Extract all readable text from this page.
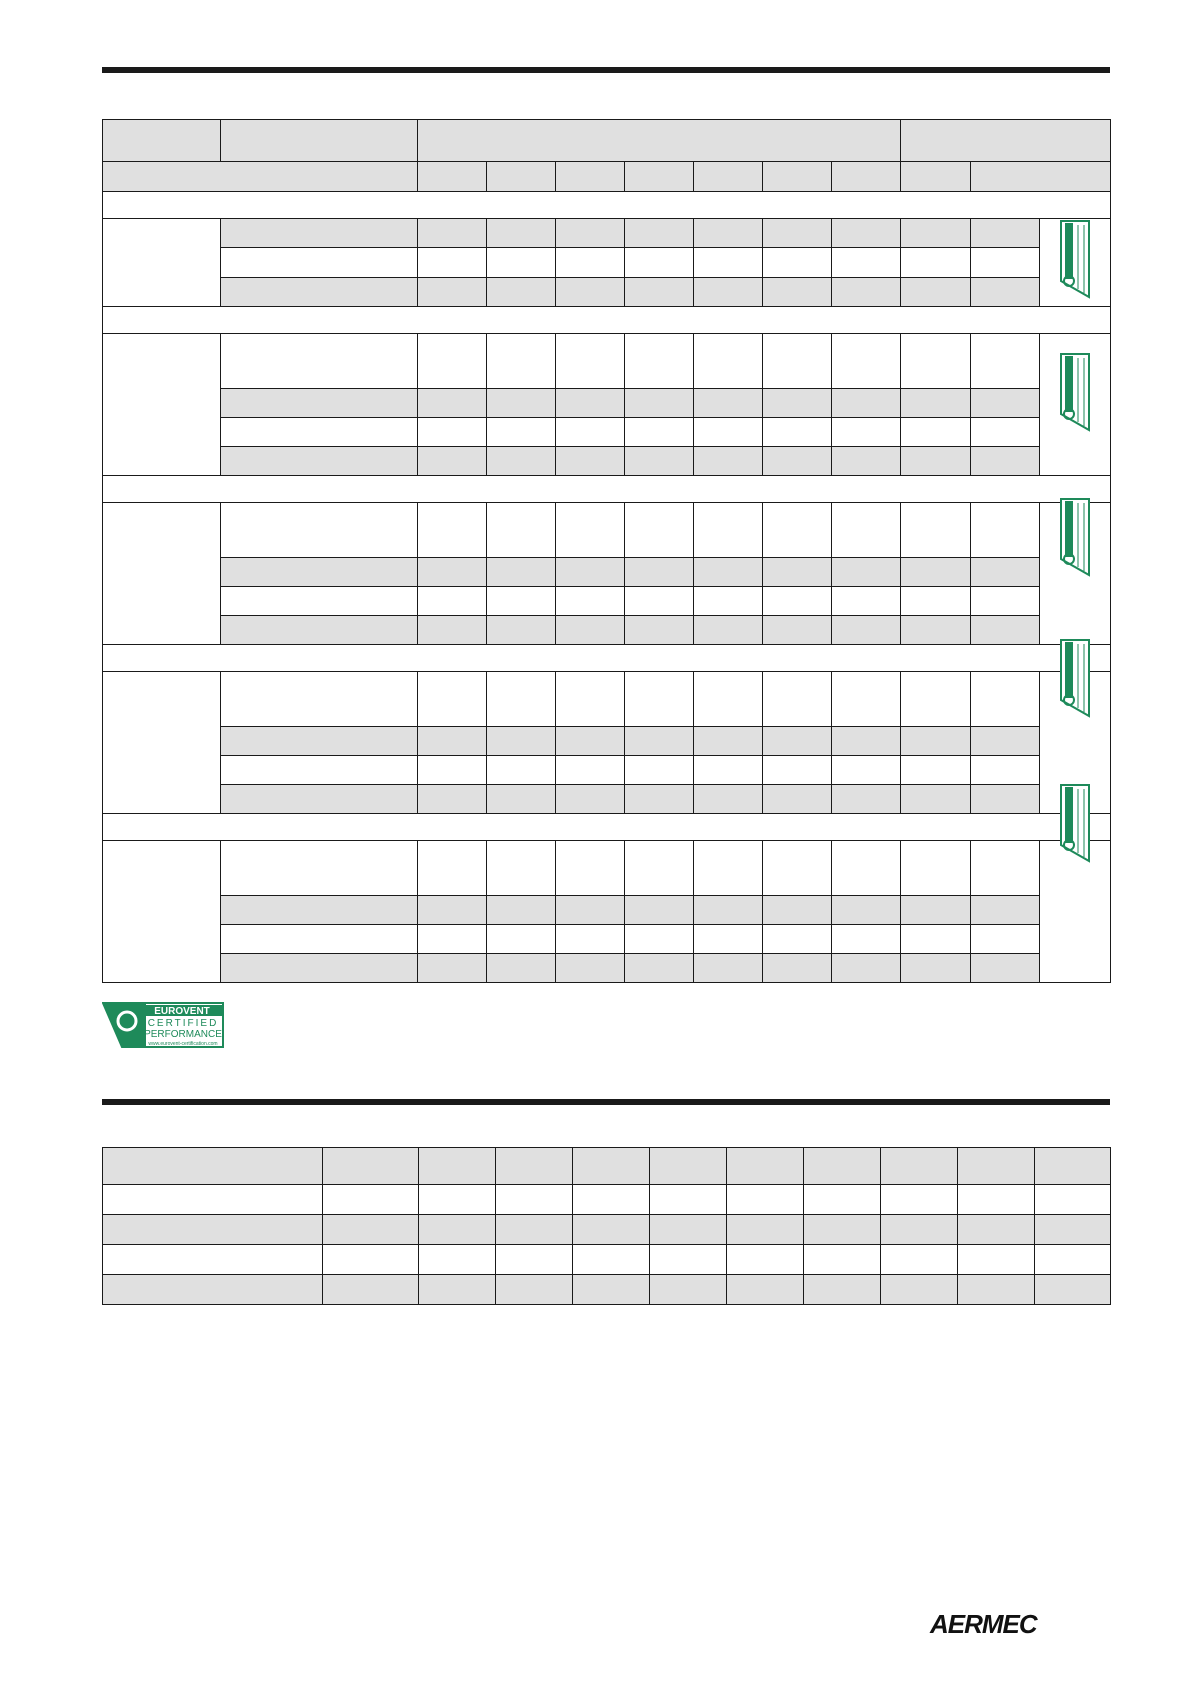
EUROVENT
CERTIFIED
PERFORMANCE
www.eurovent-certification.com

AERMEC
